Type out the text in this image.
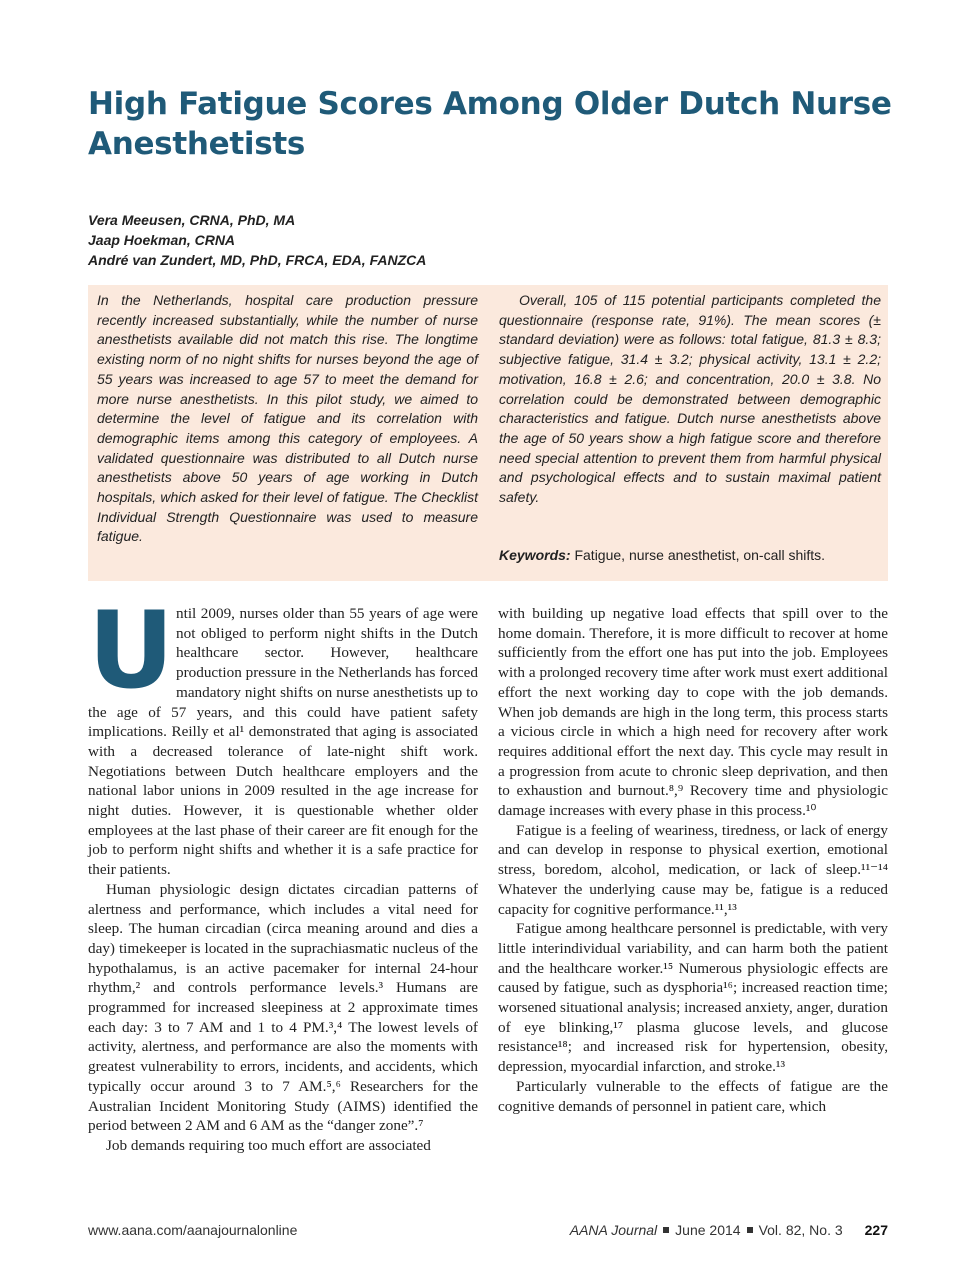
High Fatigue Scores Among Older Dutch Nurse Anesthetists
Vera Meeusen, CRNA, PhD, MA
Jaap Hoekman, CRNA
André van Zundert, MD, PhD, FRCA, EDA, FANZCA
In the Netherlands, hospital care production pressure recently increased substantially, while the number of nurse anesthetists available did not match this rise. The longtime existing norm of no night shifts for nurses beyond the age of 55 years was increased to age 57 to meet the demand for more nurse anesthetists. In this pilot study, we aimed to determine the level of fatigue and its correlation with demographic items among this category of employees. A validated questionnaire was distributed to all Dutch nurse anesthetists above 50 years of age working in Dutch hospitals, which asked for their level of fatigue. The Checklist Individual Strength Questionnaire was used to measure fatigue.

Overall, 105 of 115 potential participants completed the questionnaire (response rate, 91%). The mean scores (± standard deviation) were as follows: total fatigue, 81.3 ± 8.3; subjective fatigue, 31.4 ± 3.2; physical activity, 13.1 ± 2.2; motivation, 16.8 ± 2.6; and concentration, 20.0 ± 3.8. No correlation could be demonstrated between demographic characteristics and fatigue. Dutch nurse anesthetists above the age of 50 years show a high fatigue score and therefore need special attention to prevent them from harmful physical and psychological effects and to sustain maximal patient safety.

Keywords: Fatigue, nurse anesthetist, on-call shifts.

Until 2009, nurses older than 55 years of age were not obliged to perform night shifts in the Dutch healthcare sector. However, healthcare production pressure in the Netherlands has forced mandatory night shifts on nurse anesthetists up to the age of 57 years, and this could have patient safety implications. Reilly et al¹ demonstrated that aging is associated with a decreased tolerance of late-night shift work. Negotiations between Dutch healthcare employers and the national labor unions in 2009 resulted in the age increase for night duties. However, it is questionable whether older employees at the last phase of their career are fit enough for the job to perform night shifts and whether it is a safe practice for their patients.

Human physiologic design dictates circadian patterns of alertness and performance, which includes a vital need for sleep. The human circadian (circa meaning around and dies a day) timekeeper is located in the suprachiasmatic nucleus of the hypothalamus, is an active pacemaker for internal 24-hour rhythm,² and controls performance levels.³ Humans are programmed for increased sleepiness at 2 approximate times each day: 3 to 7 AM and 1 to 4 PM.³,⁴ The lowest levels of activity, alertness, and performance are also the moments with greatest vulnerability to errors, incidents, and accidents, which typically occur around 3 to 7 AM.⁵,⁶ Researchers for the Australian Incident Monitoring Study (AIMS) identified the period between 2 AM and 6 AM as the “danger zone”.⁷

Job demands requiring too much effort are associated

with building up negative load effects that spill over to the home domain. Therefore, it is more difficult to recover at home sufficiently from the effort one has put into the job. Employees with a prolonged recovery time after work must exert additional effort the next working day to cope with the job demands. When job demands are high in the long term, this process starts a vicious circle in which a high need for recovery after work requires additional effort the next day. This cycle may result in a progression from acute to chronic sleep deprivation, and then to exhaustion and burnout.⁸,⁹ Recovery time and physiologic damage increases with every phase in this process.¹⁰

Fatigue is a feeling of weariness, tiredness, or lack of energy and can develop in response to physical exertion, emotional stress, boredom, alcohol, medication, or lack of sleep.¹¹⁻¹⁴ Whatever the underlying cause may be, fatigue is a reduced capacity for cognitive performance.¹¹,¹³

Fatigue among healthcare personnel is predictable, with very little interindividual variability, and can harm both the patient and the healthcare worker.¹⁵ Numerous physiologic effects are caused by fatigue, such as dysphoria¹⁶; increased reaction time; worsened situational analysis; increased anxiety, anger, duration of eye blinking,¹⁷ plasma glucose levels, and glucose resistance¹⁸; and increased risk for hypertension, obesity, depression, myocardial infarction, and stroke.¹³

Particularly vulnerable to the effects of fatigue are the cognitive demands of personnel in patient care, which

www.aana.com/aanajournalonline	AANA Journal June 2014 Vol. 82, No. 3 227
